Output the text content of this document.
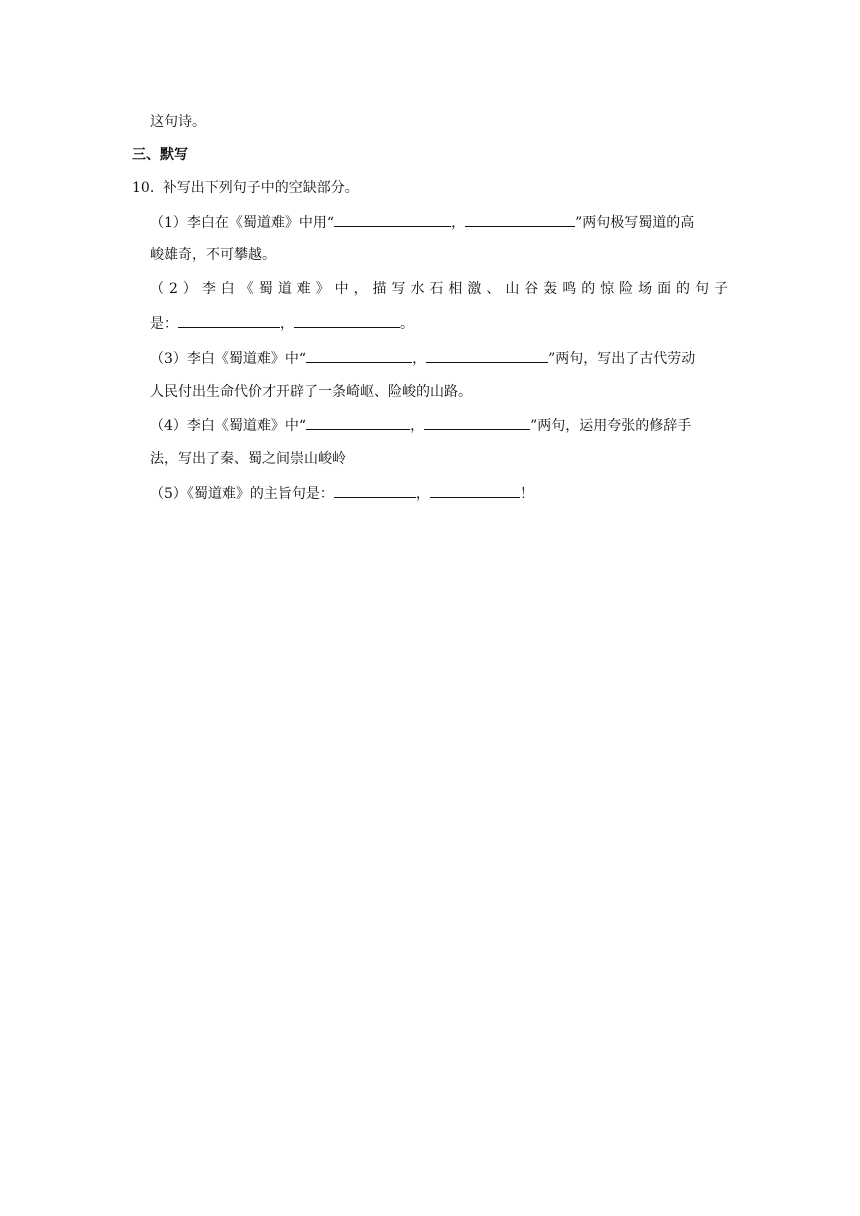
这句诗。
三、默写
10. 补写出下列句子中的空缺部分。
（1）李白在《蜀道难》中用“	，	”两句极写蜀道的高
峻雄奇，不可攀越。
（ 2 ） 李 白 《 蜀 道 难 》 中 ， 描 写 水 石 相 激 、 山 谷 轰 鸣 的 惊 险 场 面 的 句 子
是：	，	。
（3）李白《蜀道难》中“	，	”两句，写出了古代劳动
人民付出生命代价才开辟了一条崎岖、险峻的山路。
（4）李白《蜀道难》中“	，	”两句，运用夸张的修辞手
法，写出了秦、蜀之间崇山峻岭
（5）《蜀道难》的主旨句是：	，	！
